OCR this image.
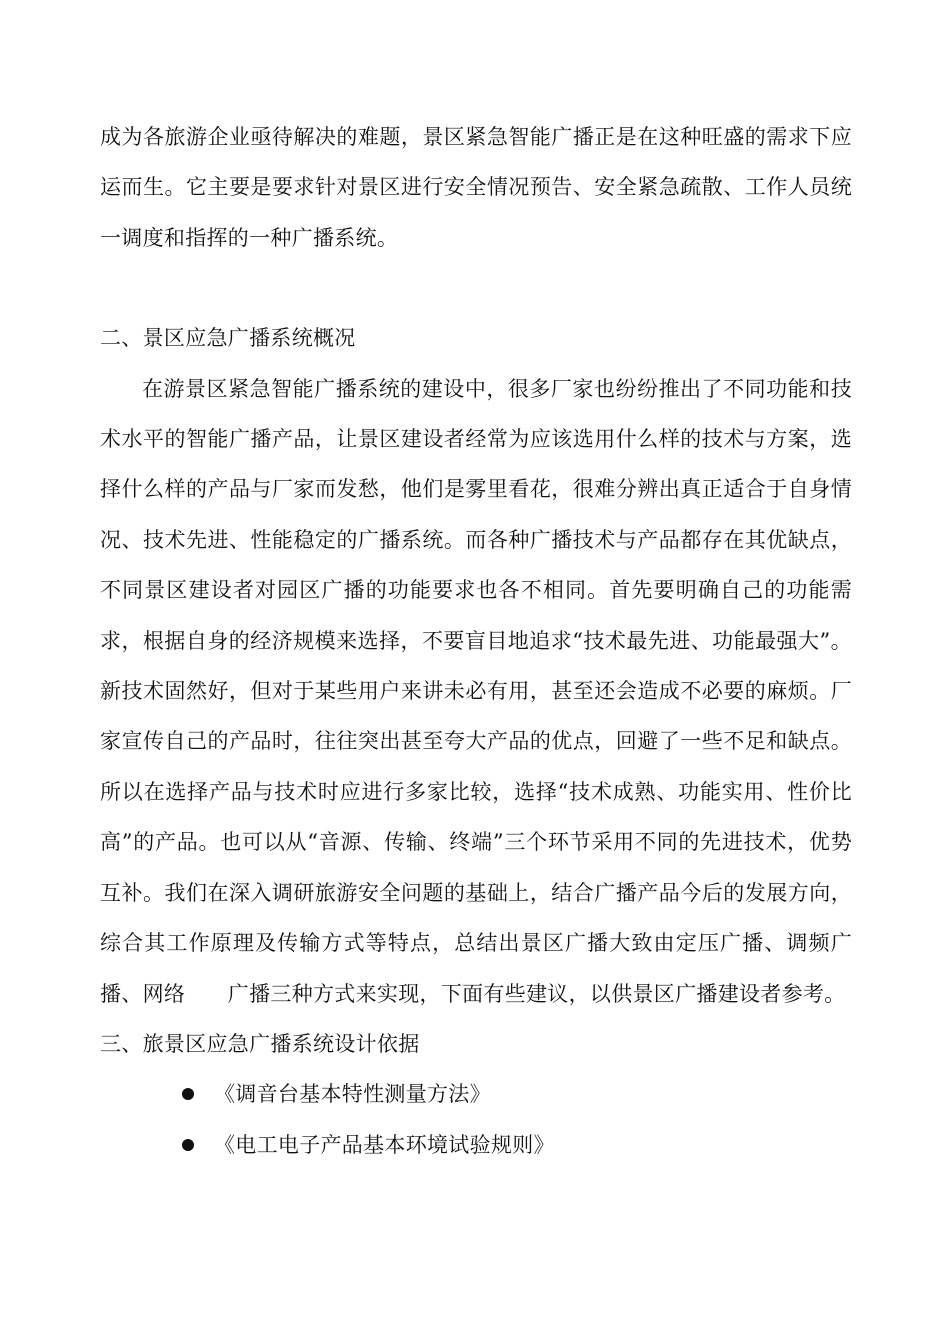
成为各旅游企业亟待解决的难题，景区紧急智能广播正是在这种旺盛的需求下应运而生。它主要是要求针对景区进行安全情况预告、安全紧急疏散、工作人员统一调度和指挥的一种广播系统。

二、景区应急广播系统概况

在游景区紧急智能广播系统的建设中，很多厂家也纷纷推出了不同功能和技术水平的智能广播产品，让景区建设者经常为应该选用什么样的技术与方案，选择什么样的产品与厂家而发愁，他们是雾里看花，很难分辨出真正适合于自身情况、技术先进、性能稳定的广播系统。而各种广播技术与产品都存在其优缺点，不同景区建设者对园区广播的功能要求也各不相同。首先要明确自己的功能需求，根据自身的经济规模来选择，不要盲目地追求“技术最先进、功能最强大”。新技术固然好，但对于某些用户来讲未必有用，甚至还会造成不必要的麻烦。厂家宣传自己的产品时，往往突出甚至夸大产品的优点，回避了一些不足和缺点。所以在选择产品与技术时应进行多家比较，选择“技术成熟、功能实用、性价比高”的产品。也可以从“音源、传输、终端”三个环节采用不同的先进技术，优势互补。我们在深入调研旅游安全问题的基础上，结合广播产品今后的发展方向，综合其工作原理及传输方式等特点，总结出景区广播大致由定压广播、调频广播、网络　　广播三种方式来实现，下面有些建议，以供景区广播建设者参考。

三、旅景区应急广播系统设计依据

《调音台基本特性测量方法》
《电工电子产品基本环境试验规则》
